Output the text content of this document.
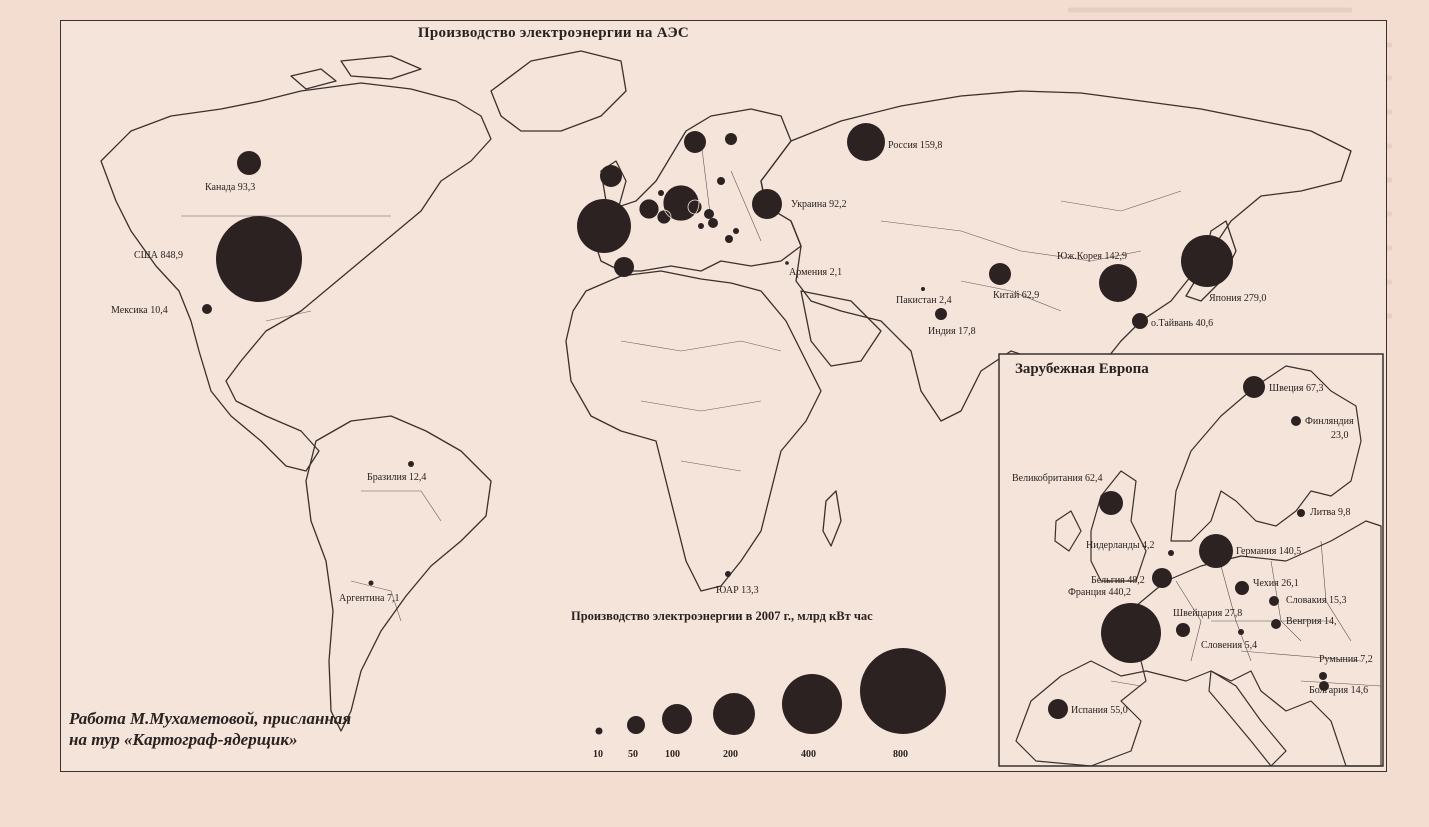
Производство электроэнергии на АЭС
Канада 93,3
США 848,9
Мексика 10,4
Бразилия 12,4
Аргентина 7,1
ЮАР 13,3
Россия 159,8
Украина 92,2
Армения 2,1
Пакистан 2,4
Индия 17,8
Китай 62,9
Юж.Корея 142,9
Япония 279,0
о.Тайвань 40,6
Швеция 67,3
Финляндия
23,0
Великобритания 62,4
Нидерланды 4,2
Литва 9,8
Германия 140,5
Бельгия 48,2	Чехия 26,1
Франция 440,2
Словакия 15,3
Швейцария 27,8
Венгрия 14,
Словения 5,4
Румыния 7,2
Болгария 14,6
Испания 55,0
10	50	100	200	400	800
Зарубежная Европа
Производство электроэнергии в 2007 г., млрд кВт час
Работа М.Мухаметовой, присланная
на тур «Картограф-ядерщик»
